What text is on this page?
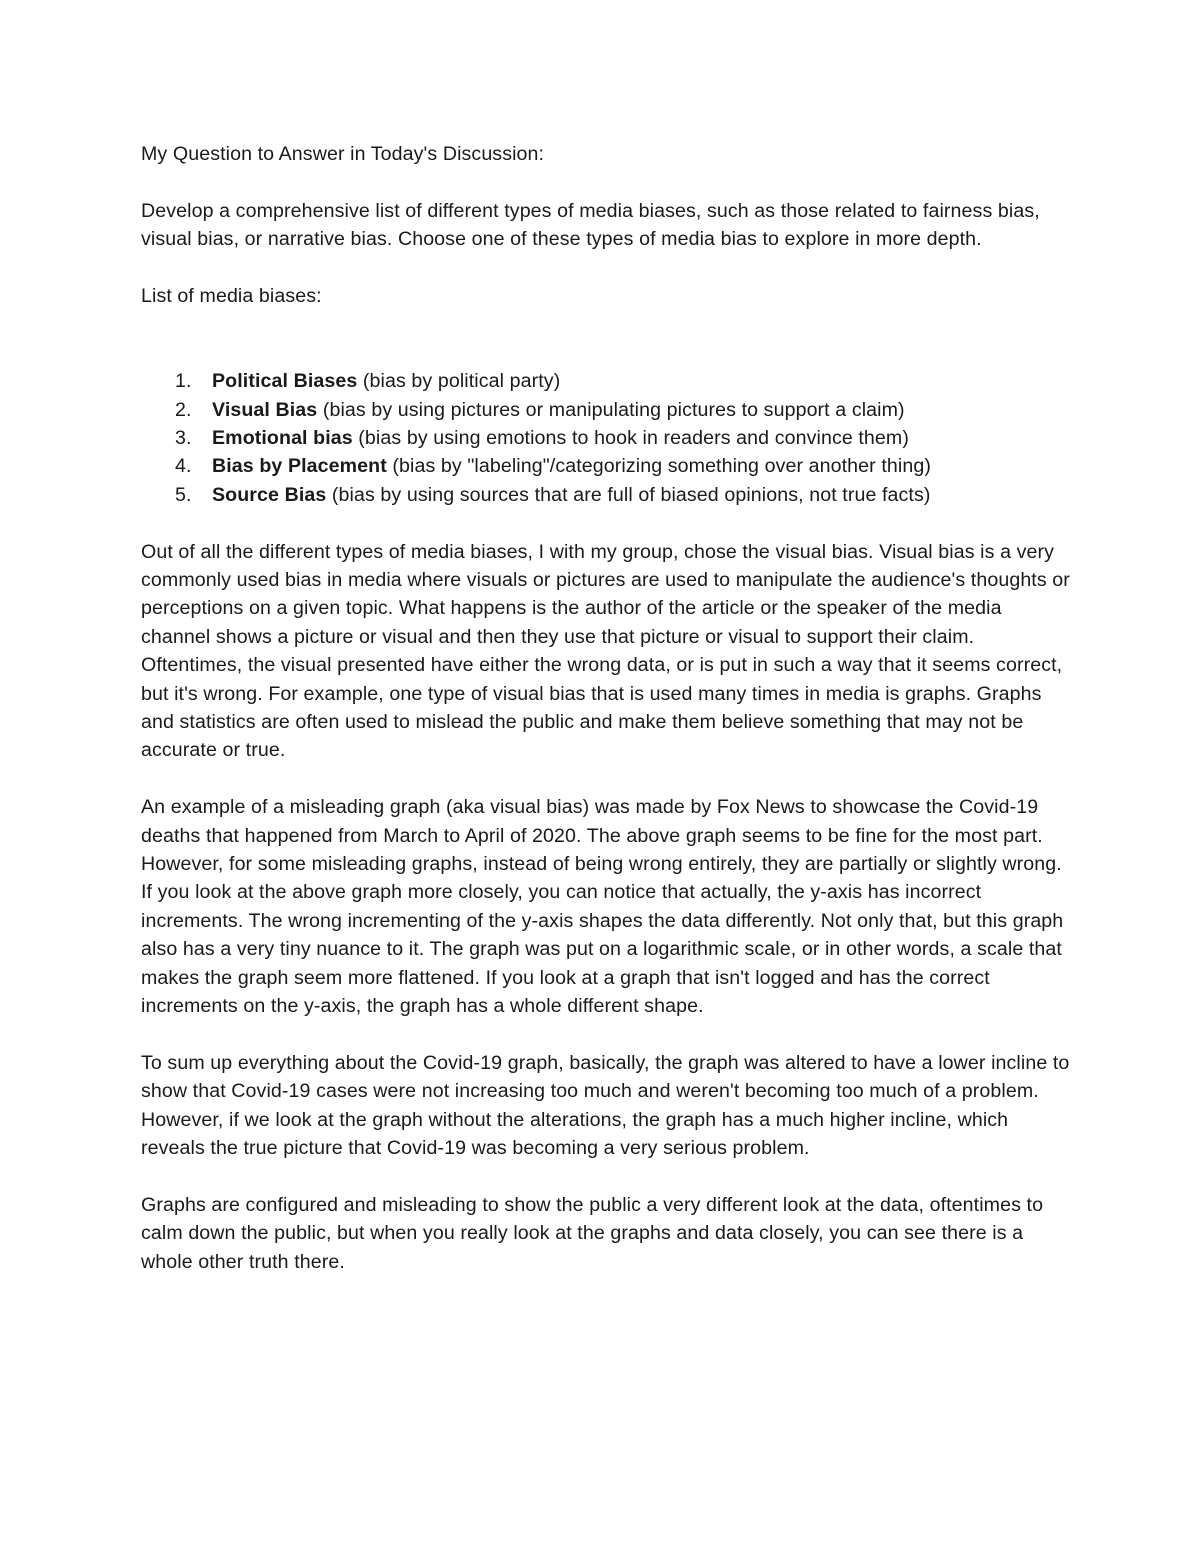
My Question to Answer in Today's Discussion:

Develop a comprehensive list of different types of media biases, such as those related to fairness bias, visual bias, or narrative bias. Choose one of these types of media bias to explore in more depth.

List of media biases:

1. Political Biases (bias by political party)
2. Visual Bias (bias by using pictures or manipulating pictures to support a claim)
3. Emotional bias (bias by using emotions to hook in readers and convince them)
4. Bias by Placement (bias by "labeling"/categorizing something over another thing)
5. Source Bias (bias by using sources that are full of biased opinions, not true facts)

Out of all the different types of media biases, I with my group, chose the visual bias. Visual bias is a very commonly used bias in media where visuals or pictures are used to manipulate the audience's thoughts or perceptions on a given topic. What happens is the author of the article or the speaker of the media channel shows a picture or visual and then they use that picture or visual to support their claim. Oftentimes, the visual presented have either the wrong data, or is put in such a way that it seems correct, but it's wrong. For example, one type of visual bias that is used many times in media is graphs. Graphs and statistics are often used to mislead the public and make them believe something that may not be accurate or true.

An example of a misleading graph (aka visual bias) was made by Fox News to showcase the Covid-19 deaths that happened from March to April of 2020. The above graph seems to be fine for the most part. However, for some misleading graphs, instead of being wrong entirely, they are partially or slightly wrong. If you look at the above graph more closely, you can notice that actually, the y-axis has incorrect increments. The wrong incrementing of the y-axis shapes the data differently. Not only that, but this graph also has a very tiny nuance to it. The graph was put on a logarithmic scale, or in other words, a scale that makes the graph seem more flattened. If you look at a graph that isn't logged and has the correct increments on the y-axis, the graph has a whole different shape.

To sum up everything about the Covid-19 graph, basically, the graph was altered to have a lower incline to show that Covid-19 cases were not increasing too much and weren't becoming too much of a problem. However, if we look at the graph without the alterations, the graph has a much higher incline, which reveals the true picture that Covid-19 was becoming a very serious problem.

Graphs are configured and misleading to show the public a very different look at the data, oftentimes to calm down the public, but when you really look at the graphs and data closely, you can see there is a whole other truth there.
